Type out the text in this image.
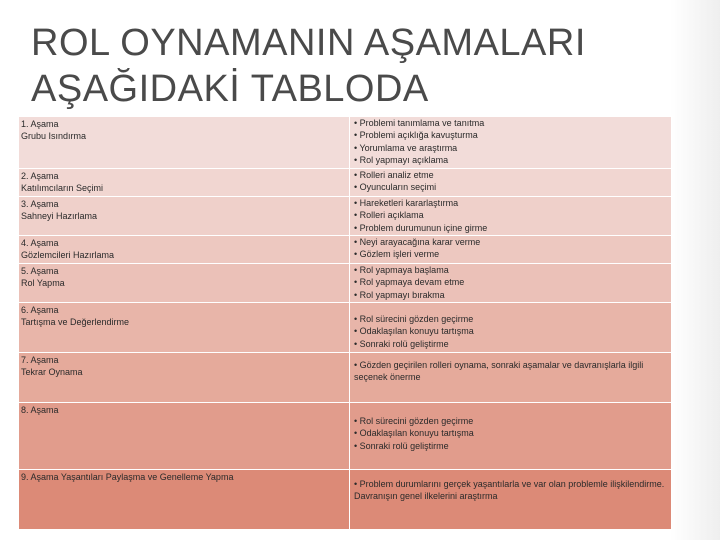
ROL OYNAMANIN AŞAMALARI
AŞAĞIDAKİ TABLODA
1. Aşama
Grubu Isındırma	• Problemi tanımlama ve tanıtma
• Problemi açıklığa kavuşturma
• Yorumlama ve araştırma
• Rol yapmayı açıklama

2. Aşama
Katılımcıların Seçimi	• Rolleri analiz etme
• Oyuncuların seçimi

3. Aşama
Sahneyi Hazırlama	• Hareketleri kararlaştırma
• Rolleri açıklama
• Problem durumunun içine girme

4. Aşama
Gözlemcileri Hazırlama	• Neyi arayacağına karar verme
• Gözlem işleri verme

5. Aşama
Rol Yapma	• Rol yapmaya başlama
• Rol yapmaya devam etme
• Rol yapmayı bırakma

6. Aşama
Tartışma ve Değerlendirme	• Rol sürecini gözden geçirme
• Odaklaşılan konuyu tartışma
• Sonraki rolü geliştirme

7. Aşama
Tekrar Oynama	• Gözden geçirilen rolleri oynama, sonraki aşamalar ve davranışlarla ilgili seçenek önerme

8. Aşama	• Rol sürecini gözden geçirme
• Odaklaşılan konuyu tartışma
• Sonraki rolü geliştirme

9. Aşama Yaşantıları Paylaşma ve Genelleme Yapma	• Problem durumlarını gerçek yaşantılarla ve var olan problemle ilişkilendirme. Davranışın genel ilkelerini araştırma
